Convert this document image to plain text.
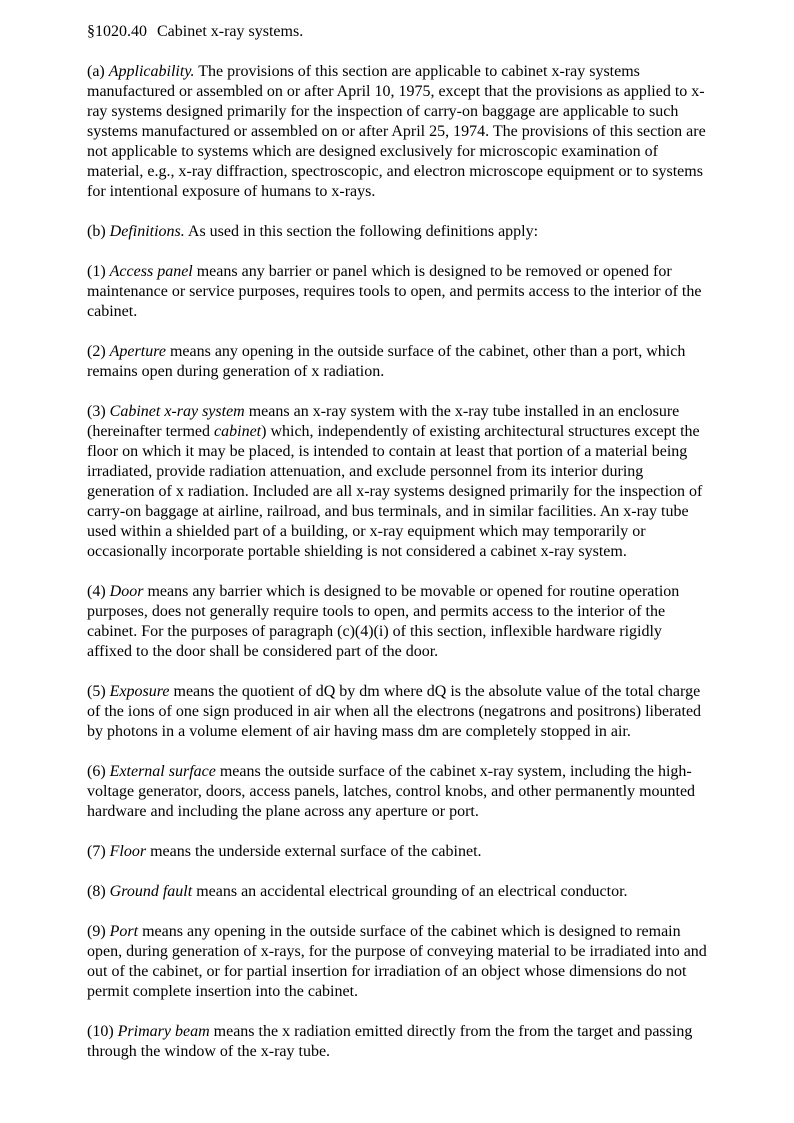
§1020.40 Cabinet x-ray systems.

(a) Applicability. The provisions of this section are applicable to cabinet x-ray systems manufactured or assembled on or after April 10, 1975, except that the provisions as applied to x-ray systems designed primarily for the inspection of carry-on baggage are applicable to such systems manufactured or assembled on or after April 25, 1974. The provisions of this section are not applicable to systems which are designed exclusively for microscopic examination of material, e.g., x-ray diffraction, spectroscopic, and electron microscope equipment or to systems for intentional exposure of humans to x-rays.

(b) Definitions. As used in this section the following definitions apply:

(1) Access panel means any barrier or panel which is designed to be removed or opened for maintenance or service purposes, requires tools to open, and permits access to the interior of the cabinet.

(2) Aperture means any opening in the outside surface of the cabinet, other than a port, which remains open during generation of x radiation.

(3) Cabinet x-ray system means an x-ray system with the x-ray tube installed in an enclosure (hereinafter termed cabinet) which, independently of existing architectural structures except the floor on which it may be placed, is intended to contain at least that portion of a material being irradiated, provide radiation attenuation, and exclude personnel from its interior during generation of x radiation. Included are all x-ray systems designed primarily for the inspection of carry-on baggage at airline, railroad, and bus terminals, and in similar facilities. An x-ray tube used within a shielded part of a building, or x-ray equipment which may temporarily or occasionally incorporate portable shielding is not considered a cabinet x-ray system.

(4) Door means any barrier which is designed to be movable or opened for routine operation purposes, does not generally require tools to open, and permits access to the interior of the cabinet. For the purposes of paragraph (c)(4)(i) of this section, inflexible hardware rigidly affixed to the door shall be considered part of the door.

(5) Exposure means the quotient of dQ by dm where dQ is the absolute value of the total charge of the ions of one sign produced in air when all the electrons (negatrons and positrons) liberated by photons in a volume element of air having mass dm are completely stopped in air.

(6) External surface means the outside surface of the cabinet x-ray system, including the high-voltage generator, doors, access panels, latches, control knobs, and other permanently mounted hardware and including the plane across any aperture or port.

(7) Floor means the underside external surface of the cabinet.

(8) Ground fault means an accidental electrical grounding of an electrical conductor.

(9) Port means any opening in the outside surface of the cabinet which is designed to remain open, during generation of x-rays, for the purpose of conveying material to be irradiated into and out of the cabinet, or for partial insertion for irradiation of an object whose dimensions do not permit complete insertion into the cabinet.

(10) Primary beam means the x radiation emitted directly from the from the target and passing through the window of the x-ray tube.
